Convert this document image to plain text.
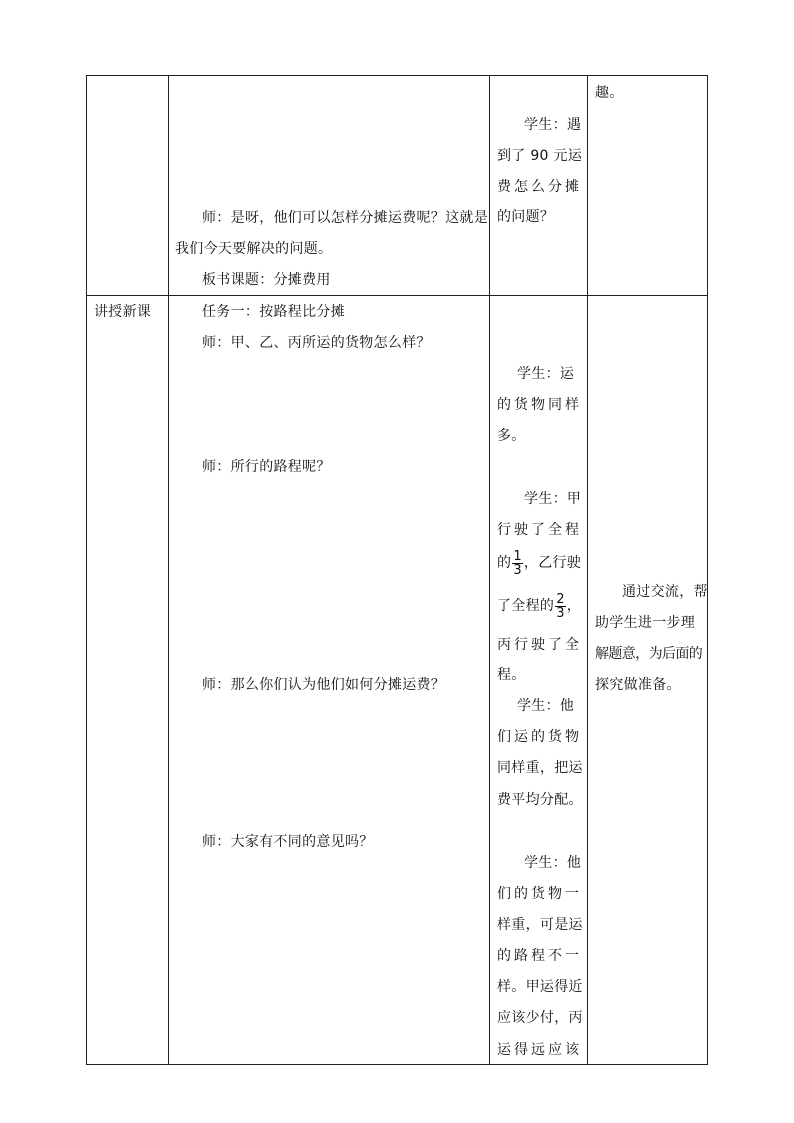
趣。
学生：遇
到了 90 元运
费怎么分摊
的问题？
师：是呀，他们可以怎样分摊运费呢？这就是
我们今天要解决的问题。
板书课题：分摊费用
讲授新课	任务一：按路程比分摊
师：甲、乙、丙所运的货物怎么样？
师：所行的路程呢？
师：那么你们认为他们如何分摊运费？
师：大家有不同的意见吗？
学生：运
的货物同样
多。
学生：甲
行驶了全程
的 $\frac{1}{3}$ ，乙行驶
了全程的 $\frac{2}{3}$ ，
丙行驶了全
程。
学生：他
们运的货物
同样重，把运
费平均分配。
学生：他
们的货物一
样重，可是运
的路程不一
样。甲运得近
应该少付，丙
运得远应该
通过交流，帮
助学生进一步理
解题意，为后面的
探究做准备。
